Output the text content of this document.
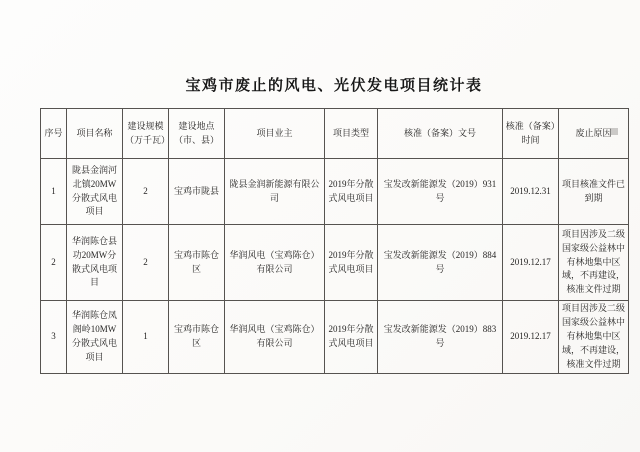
宝鸡市废止的风电、光伏发电项目统计表
序号	项目名称	建设规模（万千瓦）	建设地点（市、县）	项目业主	项目类型	核准（备案）文号	核准（备案）时间	废止原因
1	陇县金润河北镇20MW分散式风电项目	2	宝鸡市陇县	陇县金润新能源有限公司	2019年分散式风电项目	宝发改新能源发（2019）931号	2019.12.31	项目核准文件已到期
2	华润陈仓县功20MW分散式风电项目	2	宝鸡市陈仓区	华润风电（宝鸡陈仓）有限公司	2019年分散式风电项目	宝发改新能源发（2019）884号	2019.12.17	项目因涉及二级国家级公益林中有林地集中区域，不再建设，核准文件过期
3	华润陈仓凤阁岭10MW分散式风电项目	1	宝鸡市陈仓区	华润风电（宝鸡陈仓）有限公司	2019年分散式风电项目	宝发改新能源发（2019）883号	2019.12.17	项目因涉及二级国家级公益林中有林地集中区域，不再建设，核准文件过期
